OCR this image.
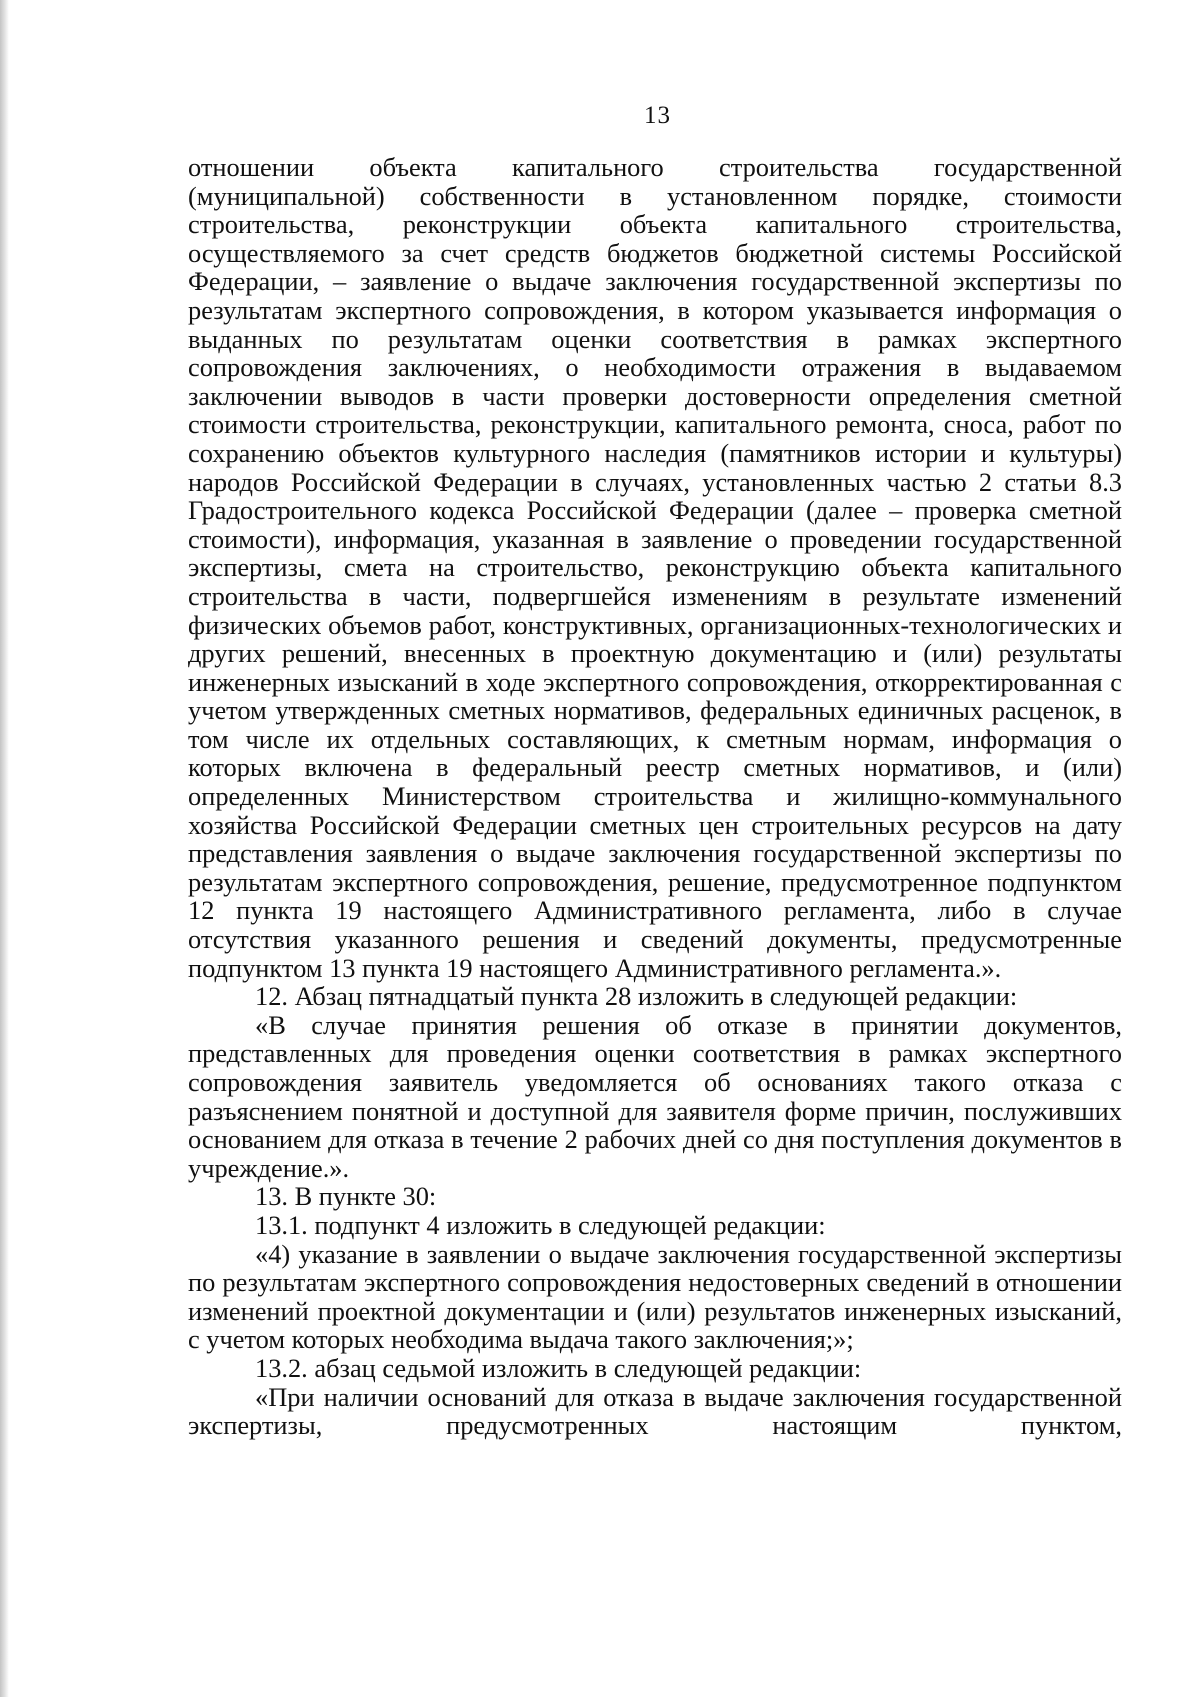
13

отношении объекта капитального строительства государственной (муниципальной) собственности в установленном порядке, стоимости строительства, реконструкции объекта капитального строительства, осуществляемого за счет средств бюджетов бюджетной системы Российской Федерации, – заявление о выдаче заключения государственной экспертизы по результатам экспертного сопровождения, в котором указывается информация о выданных по результатам оценки соответствия в рамках экспертного сопровождения заключениях, о необходимости отражения в выдаваемом заключении выводов в части проверки достоверности определения сметной стоимости строительства, реконструкции, капитального ремонта, сноса, работ по сохранению объектов культурного наследия (памятников истории и культуры) народов Российской Федерации в случаях, установленных частью 2 статьи 8.3 Градостроительного кодекса Российской Федерации (далее – проверка сметной стоимости), информация, указанная в заявление о проведении государственной экспертизы, смета на строительство, реконструкцию объекта капитального строительства в части, подвергшейся изменениям в результате изменений физических объемов работ, конструктивных, организационных-технологических и других решений, внесенных в проектную документацию и (или) результаты инженерных изысканий в ходе экспертного сопровождения, откорректированная с учетом утвержденных сметных нормативов, федеральных единичных расценок, в том числе их отдельных составляющих, к сметным нормам, информация о которых включена в федеральный реестр сметных нормативов, и (или) определенных Министерством строительства и жилищно-коммунального хозяйства Российской Федерации сметных цен строительных ресурсов на дату представления заявления о выдаче заключения государственной экспертизы по результатам экспертного сопровождения, решение, предусмотренное подпунктом 12 пункта 19 настоящего Административного регламента, либо в случае отсутствия указанного решения и сведений документы, предусмотренные подпунктом 13 пункта 19 настоящего Административного регламента.».

12. Абзац пятнадцатый пункта 28 изложить в следующей редакции:

«В случае принятия решения об отказе в принятии документов, представленных для проведения оценки соответствия в рамках экспертного сопровождения заявитель уведомляется об основаниях такого отказа с разъяснением понятной и доступной для заявителя форме причин, послуживших основанием для отказа в течение 2 рабочих дней со дня поступления документов в учреждение.».

13. В пункте 30:

13.1. подпункт 4 изложить в следующей редакции:

«4) указание в заявлении о выдаче заключения государственной экспертизы по результатам экспертного сопровождения недостоверных сведений в отношении изменений проектной документации и (или) результатов инженерных изысканий, с учетом которых необходима выдача такого заключения;»;

13.2. абзац седьмой изложить в следующей редакции:

«При наличии оснований для отказа в выдаче заключения государственной экспертизы, предусмотренных настоящим пунктом,
